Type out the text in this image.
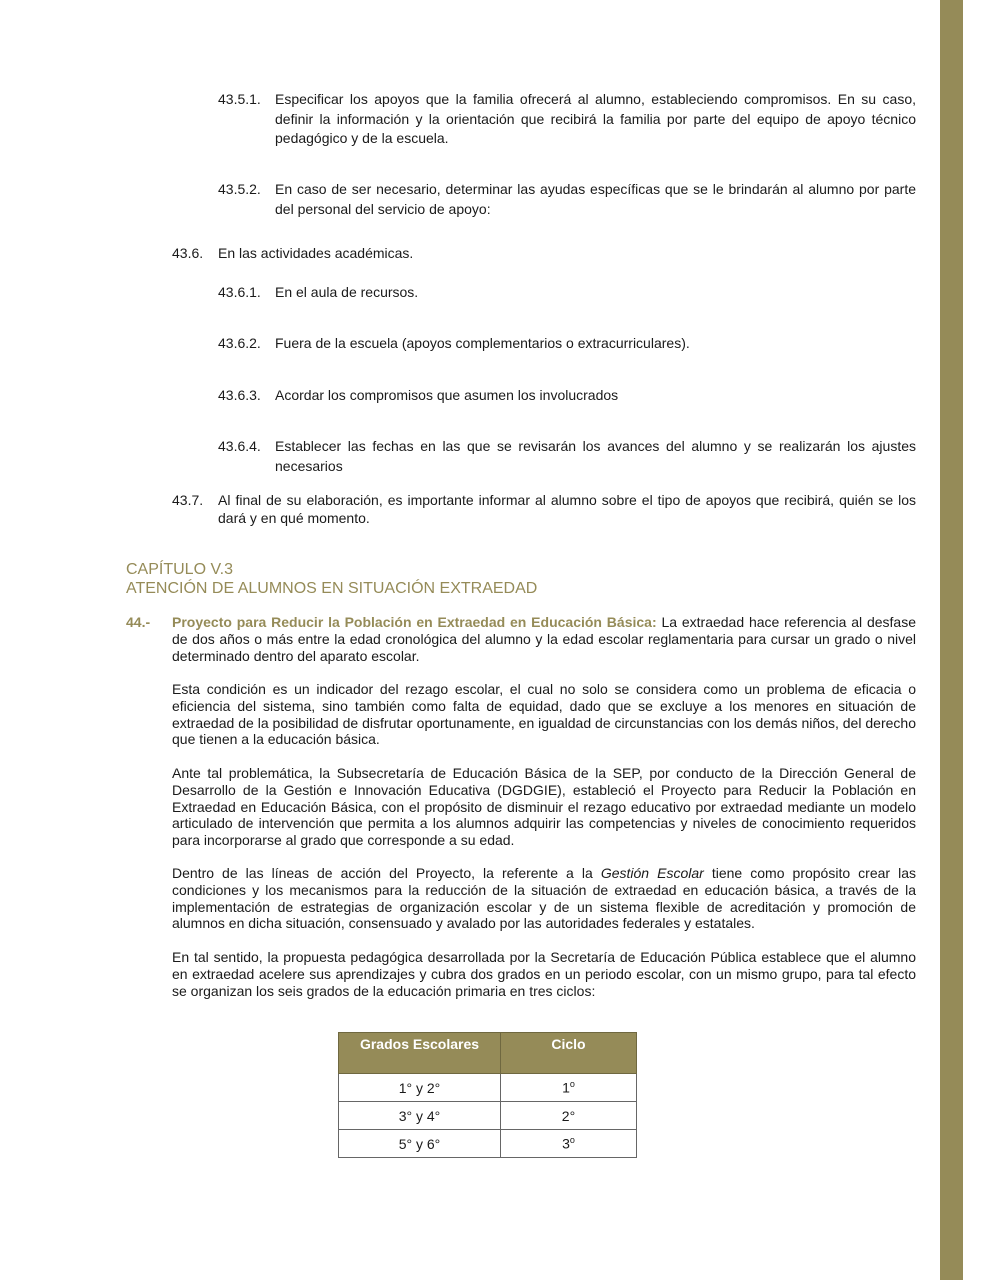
43.5.1. Especificar los apoyos que la familia ofrecerá al alumno, estableciendo compromisos. En su caso, definir la información y la orientación que recibirá la familia por parte del equipo de apoyo técnico pedagógico y de la escuela.
43.5.2. En caso de ser necesario, determinar las ayudas específicas que se le brindarán al alumno por parte del personal del servicio de apoyo:
43.6. En las actividades académicas.
43.6.1. En el aula de recursos.
43.6.2. Fuera de la escuela (apoyos complementarios o extracurriculares).
43.6.3. Acordar los compromisos que asumen los involucrados
43.6.4. Establecer las fechas en las que se revisarán los avances del alumno y se realizarán los ajustes necesarios
43.7. Al final de su elaboración, es importante informar al alumno sobre el tipo de apoyos que recibirá, quién se los dará y en qué momento.
CAPÍTULO V.3
ATENCIÓN DE ALUMNOS EN SITUACIÓN EXTRAEDAD
44.- Proyecto para Reducir la Población en Extraedad en Educación Básica: La extraedad hace referencia al desfase de dos años o más entre la edad cronológica del alumno y la edad escolar reglamentaria para cursar un grado o nivel determinado dentro del aparato escolar.
Esta condición es un indicador del rezago escolar, el cual no solo se considera como un problema de eficacia o eficiencia del sistema, sino también como falta de equidad, dado que se excluye a los menores en situación de extraedad de la posibilidad de disfrutar oportunamente, en igualdad de circunstancias con los demás niños, del derecho que tienen a la educación básica.
Ante tal problemática, la Subsecretaría de Educación Básica de la SEP, por conducto de la Dirección General de Desarrollo de la Gestión e Innovación Educativa (DGDGIE), estableció el Proyecto para Reducir la Población en Extraedad en Educación Básica, con el propósito de disminuir el rezago educativo por extraedad mediante un modelo articulado de intervención que permita a los alumnos adquirir las competencias y niveles de conocimiento requeridos para incorporarse al grado que corresponde a su edad.
Dentro de las líneas de acción del Proyecto, la referente a la Gestión Escolar tiene como propósito crear las condiciones y los mecanismos para la reducción de la situación de extraedad en educación básica, a través de la implementación de estrategias de organización escolar y de un sistema flexible de acreditación y promoción de alumnos en dicha situación, consensuado y avalado por las autoridades federales y estatales.
En tal sentido, la propuesta pedagógica desarrollada por la Secretaría de Educación Pública establece que el alumno en extraedad acelere sus aprendizajes y cubra dos grados en un periodo escolar, con un mismo grupo, para tal efecto se organizan los seis grados de la educación primaria en tres ciclos:
Grados Escolares	Ciclo
1° y 2°	1$^o$
3° y 4°	2°
5° y 6°	3$^o$
